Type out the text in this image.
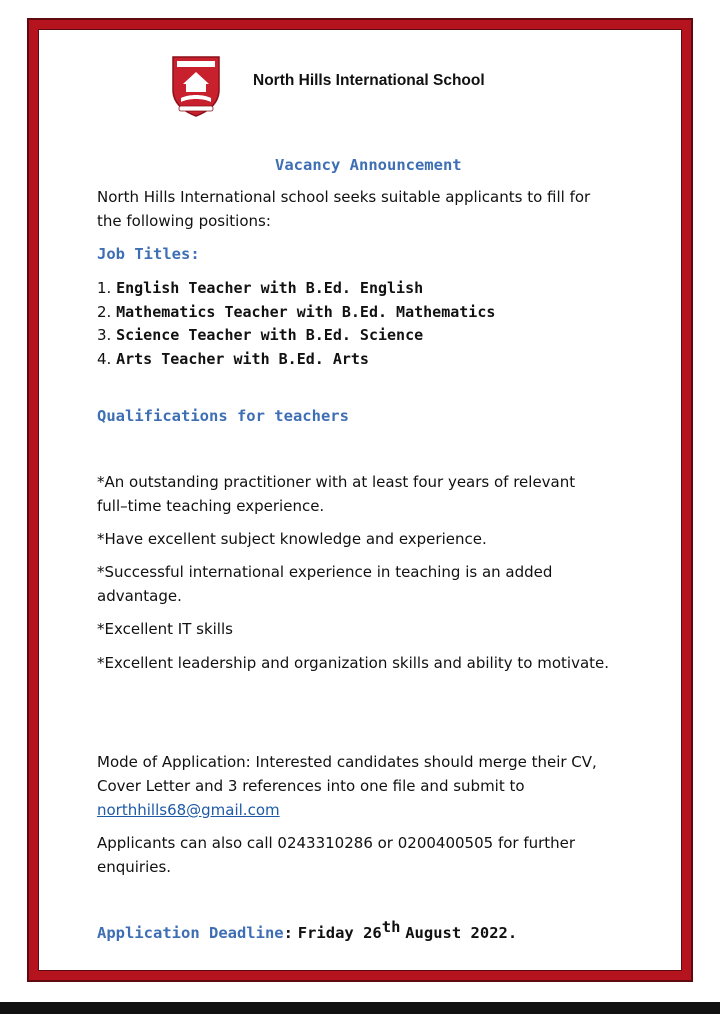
North Hills International School
Vacancy Announcement
North Hills International school seeks suitable applicants to fill for
the following positions:
Job Titles:
1. English Teacher with B.Ed. English
2. Mathematics Teacher with B.Ed. Mathematics
3. Science Teacher with B.Ed. Science
4. Arts Teacher with B.Ed. Arts
Qualifications for teachers
*An outstanding practitioner with at least four years of relevant
full–time teaching experience.
*Have excellent subject knowledge and experience.
*Successful international experience in teaching is an added
advantage.
*Excellent IT skills
*Excellent leadership and organization skills and ability to motivate.
Mode of Application: Interested candidates should merge their CV,
Cover Letter and 3 references into one file and submit to
northhills68@gmail.com
Applicants can also call 0243310286 or 0200400505 for further
enquiries.
Application Deadline: Friday 26th August 2022.
